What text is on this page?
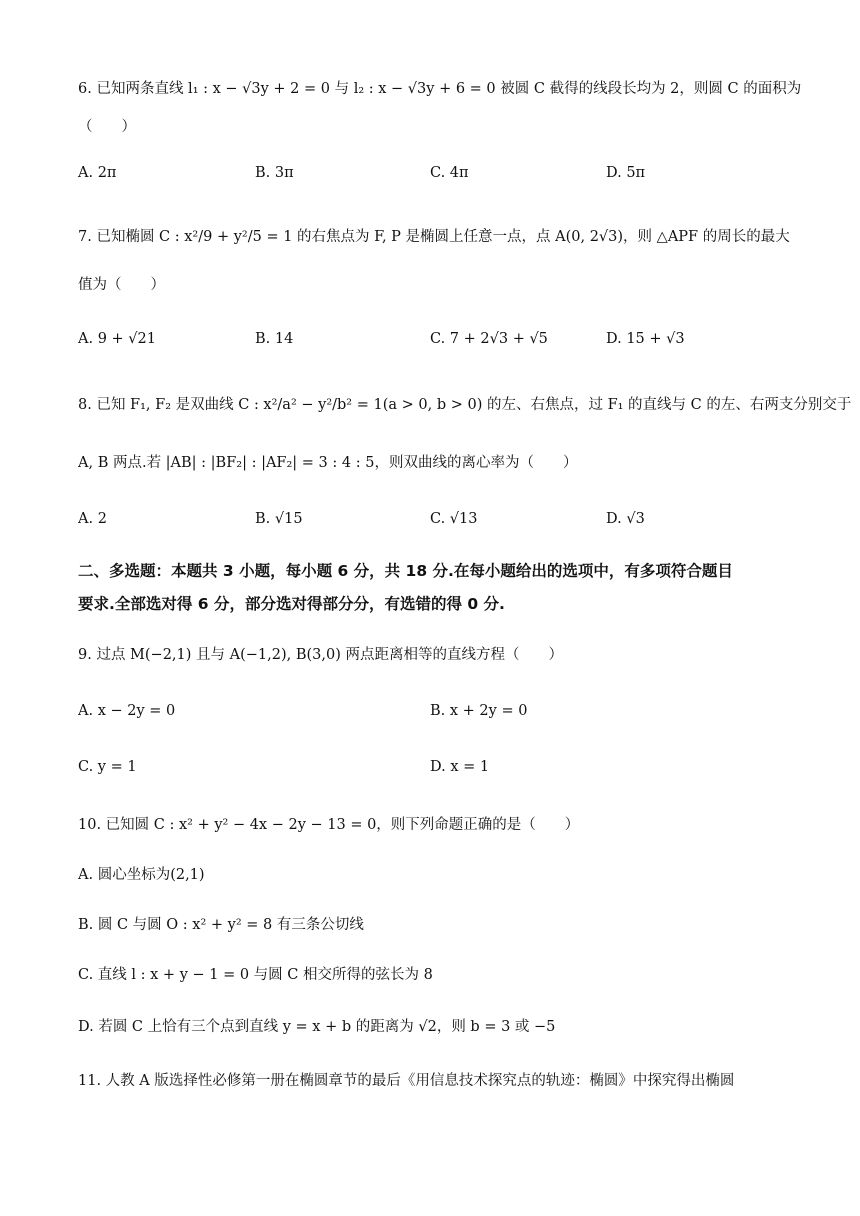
6. 已知两条直线 l₁ : x − √3y + 2 = 0 与 l₂ : x − √3y + 6 = 0 被圆 C 截得的线段长均为 2，则圆 C 的面积为
（　　）
A. 2π	B. 3π	C. 4π	D. 5π
7. 已知椭圆 C : x²/9 + y²/5 = 1 的右焦点为 F, P 是椭圆上任意一点，点 A(0, 2√3)，则 △APF 的周长的最大
值为（　　）
A. 9 + √21	B. 14	C. 7 + 2√3 + √5	D. 15 + √3
8. 已知 F₁, F₂ 是双曲线 C : x²/a² − y²/b² = 1(a > 0, b > 0) 的左、右焦点，过 F₁ 的直线与 C 的左、右两支分别交于
A, B 两点.若 |AB| : |BF₂| : |AF₂| = 3 : 4 : 5，则双曲线的离心率为（　　）
A. 2	B. √15	C. √13	D. √3
二、多选题：本题共 3 小题，每小题 6 分，共 18 分.在每小题给出的选项中，有多项符合题目
要求.全部选对得 6 分，部分选对得部分分，有选错的得 0 分.
9. 过点 M(−2,1) 且与 A(−1,2), B(3,0) 两点距离相等的直线方程（　　）
A. x − 2y = 0	B. x + 2y = 0
C. y = 1	D. x = 1
10. 已知圆 C : x² + y² − 4x − 2y − 13 = 0，则下列命题正确的是（　　）
A. 圆心坐标为(2,1)
B. 圆 C 与圆 O : x² + y² = 8 有三条公切线
C. 直线 l : x + y − 1 = 0 与圆 C 相交所得的弦长为 8
D. 若圆 C 上恰有三个点到直线 y = x + b 的距离为 √2，则 b = 3 或 −5
11. 人教 A 版选择性必修第一册在椭圆章节的最后《用信息技术探究点的轨迹：椭圆》中探究得出椭圆
